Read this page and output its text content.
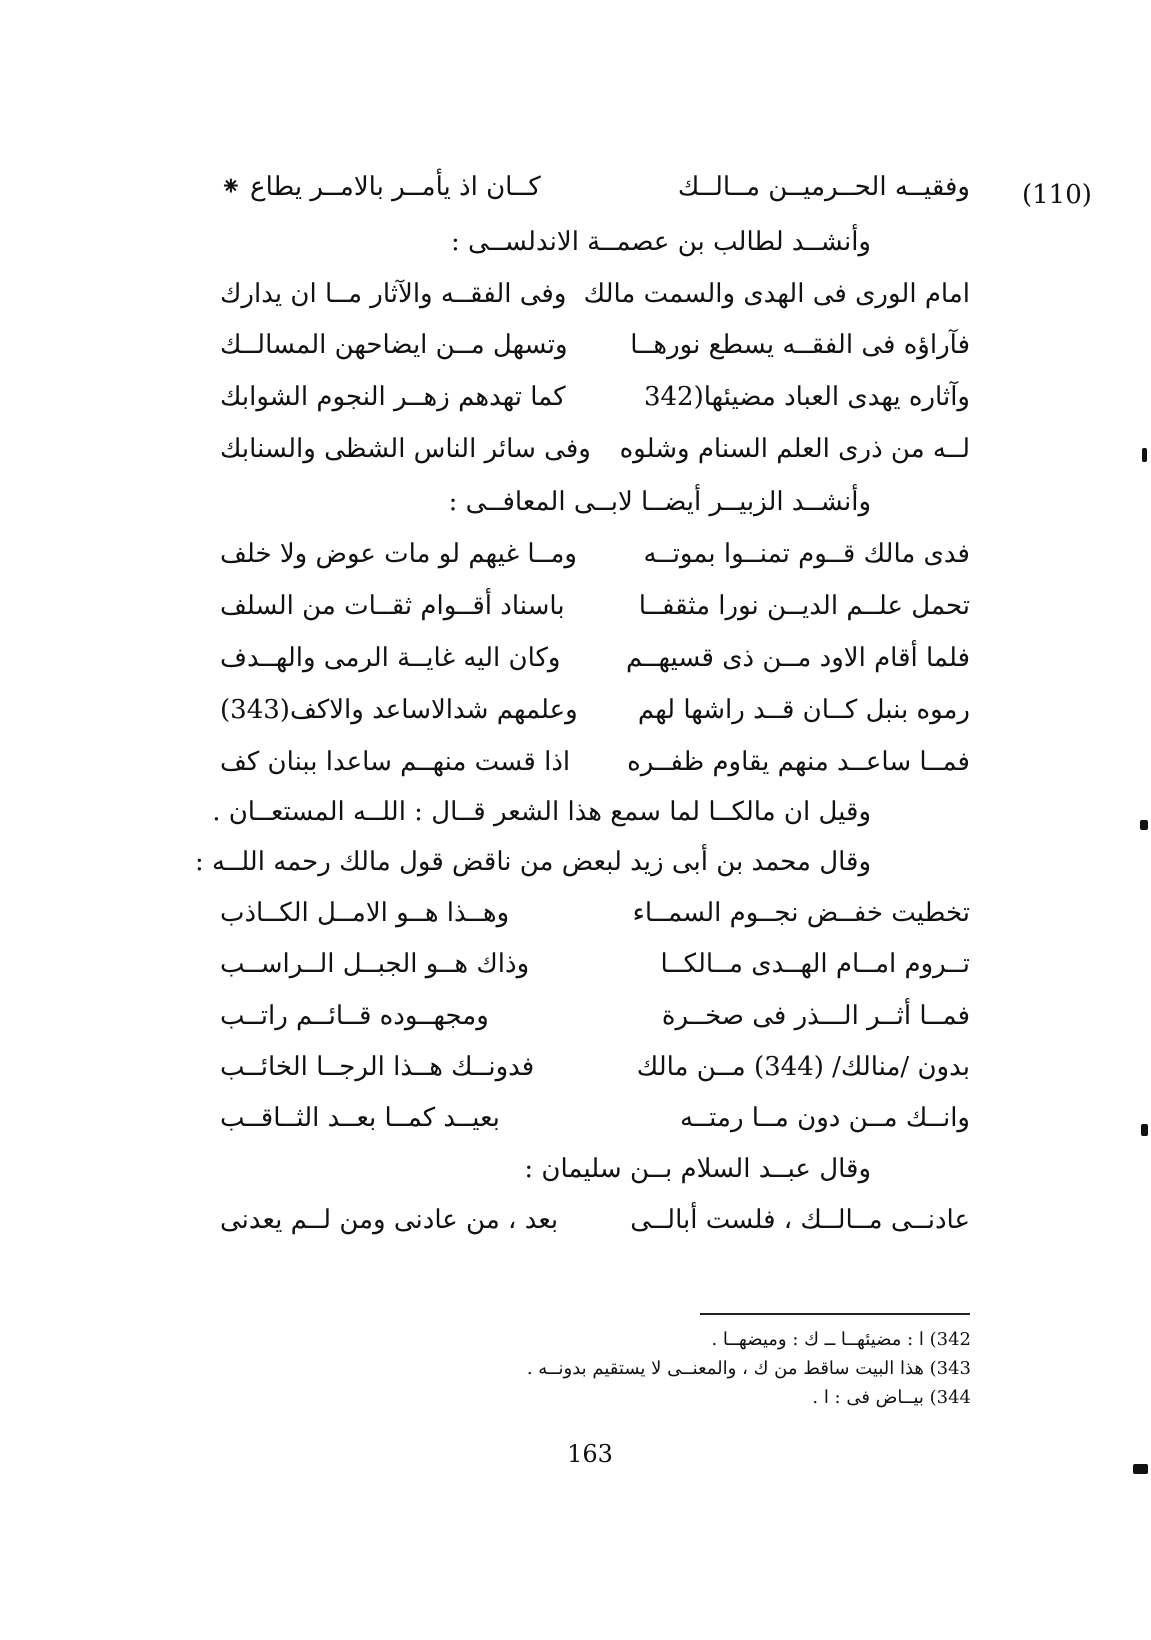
(110)
وفقيــه الحــرميــن مــالــك
كــان اذ يأمــر بالامــر يطاع ⁕
وأنشــد لطالب بن عصمــة الاندلســى :
امام الورى فى الهدى والسمت مالك
وفى الفقــه والآثار مــا ان يدارك
فآراؤه فى الفقــه يسطع نورهــا
وتسهل مــن ايضاحهن المسالــك
وآثاره يهدى العباد مضيئها(342
كما تهدهم زهــر النجوم الشوابك
لــه من ذرى العلم السنام وشلوه
وفى سائر الناس الشظى والسنابك
وأنشــد الزبيــر أيضــا لابــى المعافــى :
فدى مالك قــوم تمنــوا بموتــه
ومــا غيهم لو مات عوض ولا خلف
تحمل علــم الديــن نورا مثقفــا
باسناد أقــوام ثقــات من السلف
فلما أقام الاود مــن ذى قسيهــم
وكان اليه غايــة الرمى والهــدف
رموه بنبل كــان قــد راشها لهم
وعلمهم شدالاساعد والاكف(343)
فمــا ساعــد منهم يقاوم ظفــره
اذا قست منهــم ساعدا ببنان كف
وقيل ان مالكــا لما سمع هذا الشعر قــال : اللــه المستعــان .
وقال محمد بن أبى زيد لبعض من ناقض قول مالك رحمه اللــه :
تخطيت خفــض نجــوم السمــاء
وهــذا هــو الامــل الكــاذب
تــروم امــام الهــدى مــالكــا
وذاك هــو الجبــل الــراســب
فمــا أثــر الـــذر فى صخــرة
ومجهــوده قــائــم راتــب
بدون /منالك/ (344) مــن مالك
فدونــك هــذا الرجــا الخائــب
وانــك مــن دون مــا رمتــه
بعيــد كمــا بعــد الثــاقــب
وقال عبــد السلام بــن سليمان :
عادنــى مــالــك ، فلست أبالــى
بعد ، من عادنى ومن لــم يعدنى
342) ا : مضيئهــا ــ ك : وميضهــا .
343) هذا البيت ساقط من ك ، والمعنــى لا يستقيم بدونــه .
344) بيــاض فى : ا .
163
